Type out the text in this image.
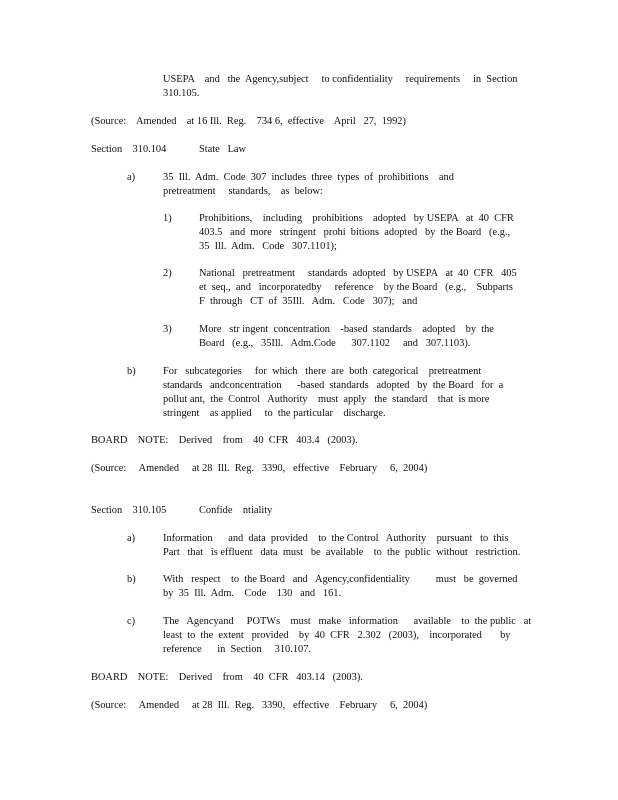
USEPA    and   the  Agency,subject     to confidentiality     requirements     in  Section
310.105.
(Source:    Amended    at 16 Ill.  Reg.    734 6,  effective    April   27,  1992)
Section    310.104	State   Law
a)	35  Ill.  Adm.  Code  307  includes  three  types  of  prohibitions    and
pretreatment     standards,    as  below:
1)	Prohibitions,    including    prohibitions    adopted   by USEPA   at  40  CFR
403.5   and  more   stringent   prohi  bitions  adopted   by  the Board   (e.g.,
35  Ill.  Adm.   Code   307.1101);
2)	National   pretreatment     standards  adopted   by USEPA   at  40  CFR   405
et  seq.,  and   incorporatedby     reference    by the Board   (e.g.,    Subparts
F  through   CT  of  35Ill.   Adm.   Code   307);   and
3)	More   str ingent  concentration    -based  standards    adopted    by  the
Board   (e.g.,   35Ill.   Adm.Code      307.1102     and   307.1103).
b)	For   subcategories     for  which   there  are  both  categorical    pretreatment
standards   andconcentration      -based  standards   adopted   by  the Board   for  a
pollut ant,  the  Control   Authority    must  apply   the  standard    that  is more
stringent    as applied     to  the particular    discharge.
BOARD    NOTE:    Derived    from    40  CFR   403.4   (2003).
(Source:     Amended     at 28  Ill.  Reg.   3390,   effective    February     6,  2004)
Section    310.105	Confide    ntiality
a)	Information      and  data  provided    to  the Control   Authority    pursuant   to  this
Part   that   is effluent   data  must   be  available    to  the  public  without   restriction.
b)	With   respect    to  the Board   and   Agency,confidentiality          must   be  governed
by  35  Ill.  Adm.    Code    130   and   161.
c)	The   Agencyand     POTWs    must   make   information      available    to  the public   at
least  to  the  extent   provided    by  40  CFR   2.302   (2003),    incorporated       by
reference      in  Section     310.107.
BOARD    NOTE:    Derived    from    40  CFR   403.14   (2003).
(Source:     Amended     at 28  Ill.  Reg.   3390,   effective    February     6,  2004)
